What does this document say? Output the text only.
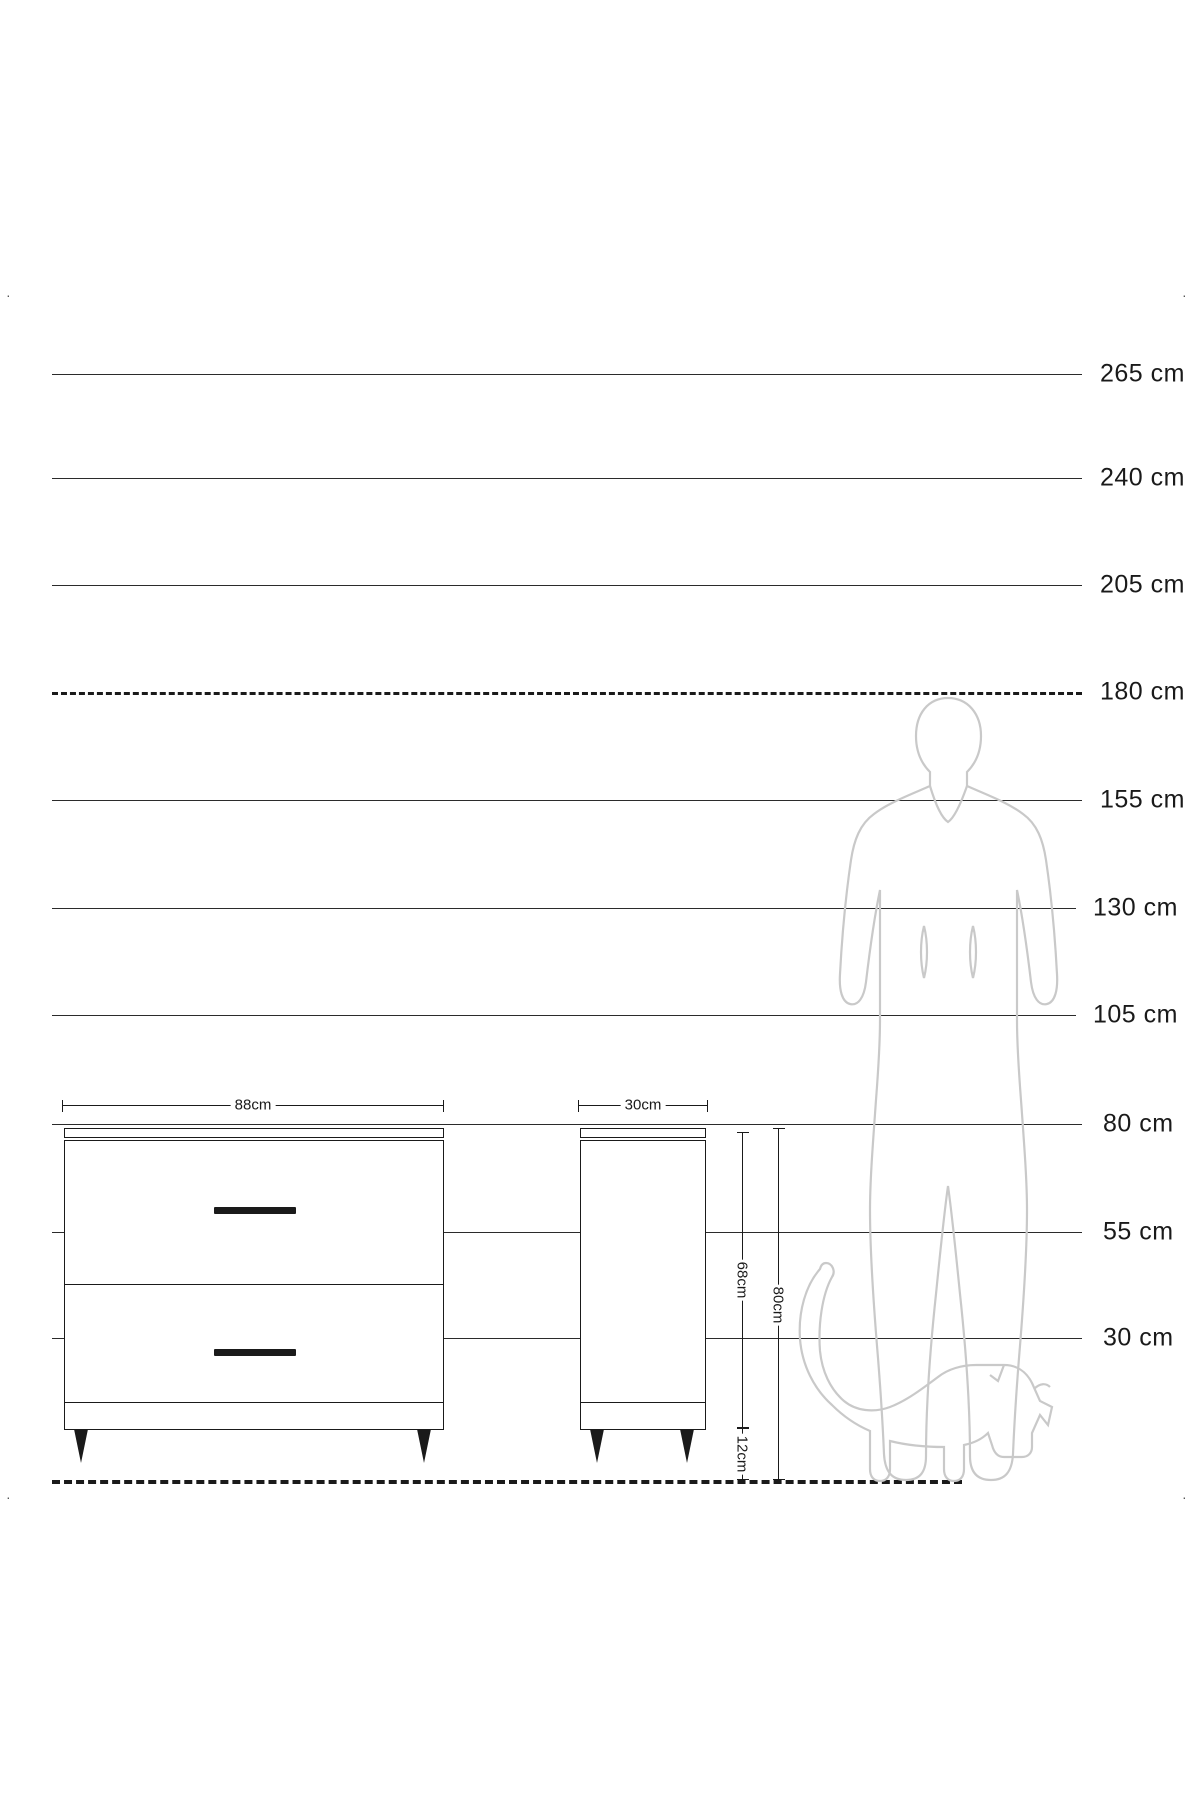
·	·
·	·
265 cm
240 cm
205 cm
180 cm
155 cm
130 cm
105 cm
80 cm
55 cm
30 cm
88cm	30cm
68cm
80cm
12cm
